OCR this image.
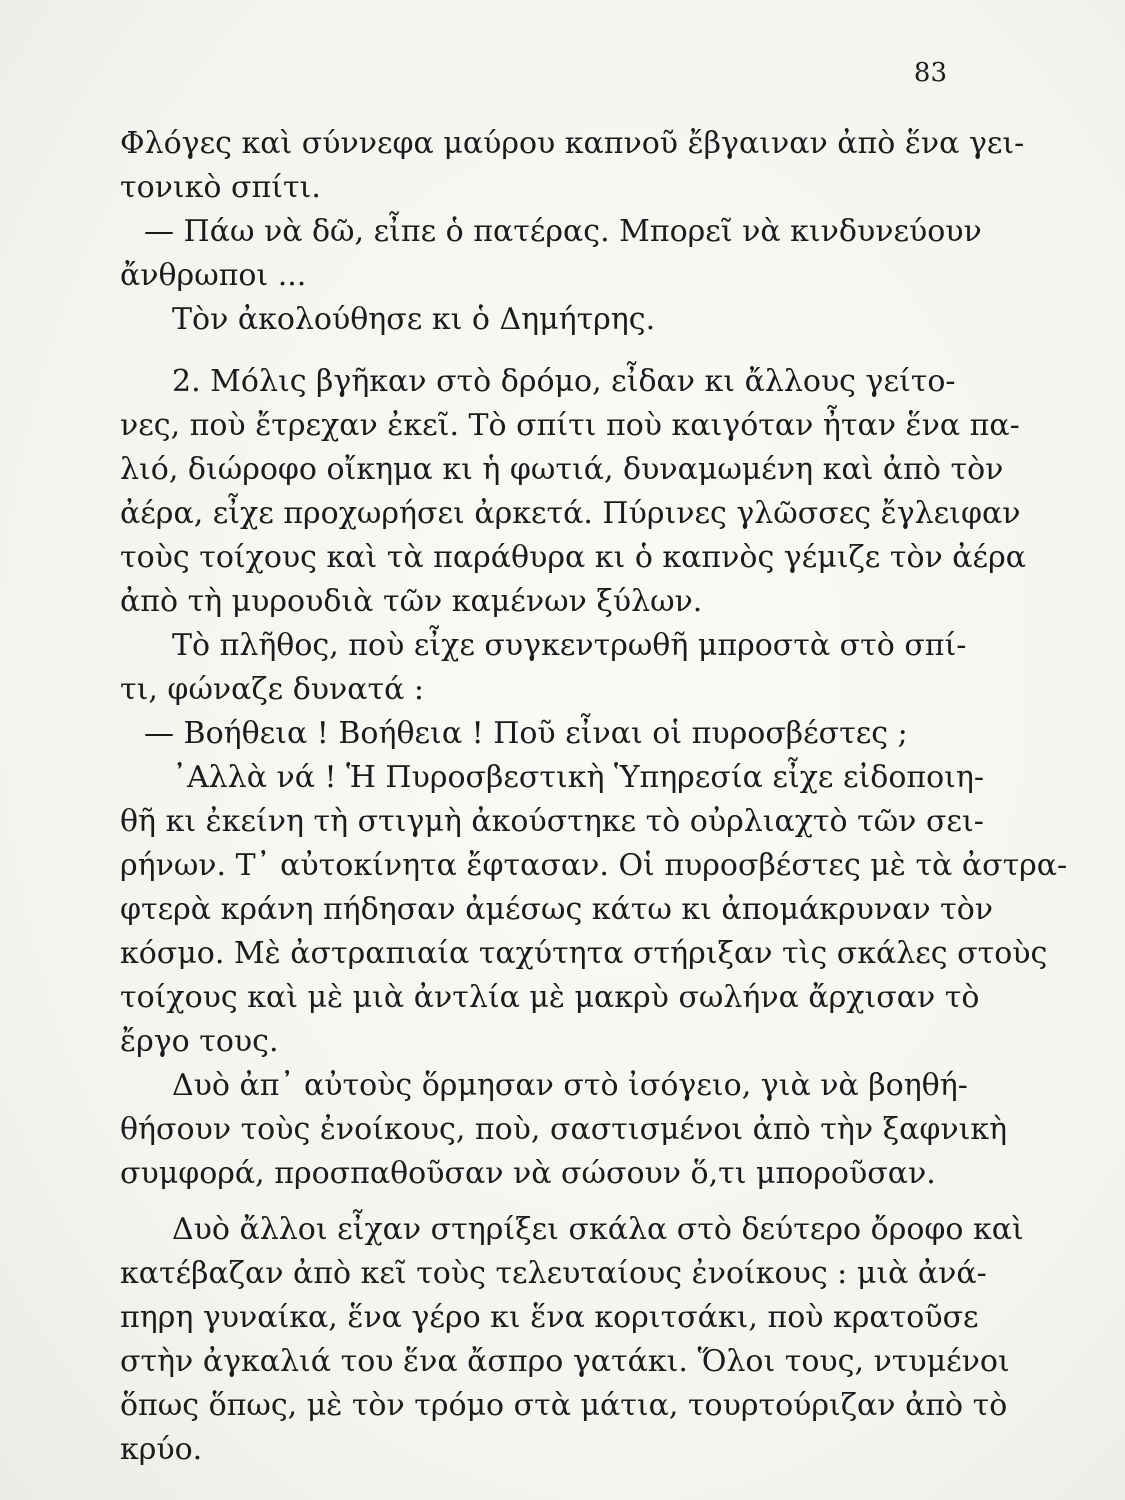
83
Φλόγες καὶ σύννεφα μαύρου καπνοῦ ἔβγαιναν ἀπὸ ἕνα γει-
τονικὸ σπίτι.
— Πάω νὰ δῶ, εἶπε ὁ πατέρας. Μπορεῖ νὰ κινδυνεύουν
ἄνθρωποι ...
Τὸν ἀκολούθησε κι ὁ Δημήτρης.
2. Μόλις βγῆκαν στὸ δρόμο, εἶδαν κι ἄλλους γείτο-
νες, ποὺ ἔτρεχαν ἐκεῖ. Τὸ σπίτι ποὺ καιγόταν ἦταν ἕνα πα-
λιό, διώροφο οἴκημα κι ἡ φωτιά, δυναμωμένη καὶ ἀπὸ τὸν
ἀέρα, εἶχε προχωρήσει ἀρκετά. Πύρινες γλῶσσες ἔγλειφαν
τοὺς τοίχους καὶ τὰ παράθυρα κι ὁ καπνὸς γέμιζε τὸν ἀέρα
ἀπὸ τὴ μυρουδιὰ τῶν καμένων ξύλων.
Τὸ πλῆθος, ποὺ εἶχε συγκεντρωθῆ μπροστὰ στὸ σπί-
τι, φώναζε δυνατά :
— Βοήθεια ! Βοήθεια ! Ποῦ εἶναι οἱ πυροσβέστες ;
᾿Αλλὰ νά ! Ἡ Πυροσβεστικὴ Ὑπηρεσία εἶχε εἰδοποιη-
θῆ κι ἐκείνη τὴ στιγμὴ ἀκούστηκε τὸ οὐρλιαχτὸ τῶν σει-
ρήνων. Τ᾿ αὐτοκίνητα ἔφτασαν. Οἱ πυροσβέστες μὲ τὰ ἀστρα-
φτερὰ κράνη πήδησαν ἀμέσως κάτω κι ἀπομάκρυναν τὸν
κόσμο. Μὲ ἀστραπιαία ταχύτητα στήριξαν τὶς σκάλες στοὺς
τοίχους καὶ μὲ μιὰ ἀντλία μὲ μακρὺ σωλήνα ἄρχισαν τὸ
ἔργο τους.
Δυὸ ἀπ᾿ αὐτοὺς ὅρμησαν στὸ ἰσόγειο, γιὰ νὰ βοηθή-
θήσουν τοὺς ἐνοίκους, ποὺ, σαστισμένοι ἀπὸ τὴν ξαφνικὴ
συμφορά, προσπαθοῦσαν νὰ σώσουν ὅ,τι μποροῦσαν.
Δυὸ ἄλλοι εἶχαν στηρίξει σκάλα στὸ δεύτερο ὄροφο καὶ
κατέβαζαν ἀπὸ κεῖ τοὺς τελευταίους ἐνοίκους : μιὰ ἀνά-
πηρη γυναίκα, ἕνα γέρο κι ἕνα κοριτσάκι, ποὺ κρατοῦσε
στὴν ἀγκαλιά του ἕνα ἄσπρο γατάκι. Ὅλοι τους, ντυμένοι
ὅπως ὅπως, μὲ τὸν τρόμο στὰ μάτια, τουρτούριζαν ἀπὸ τὸ
κρύο.
